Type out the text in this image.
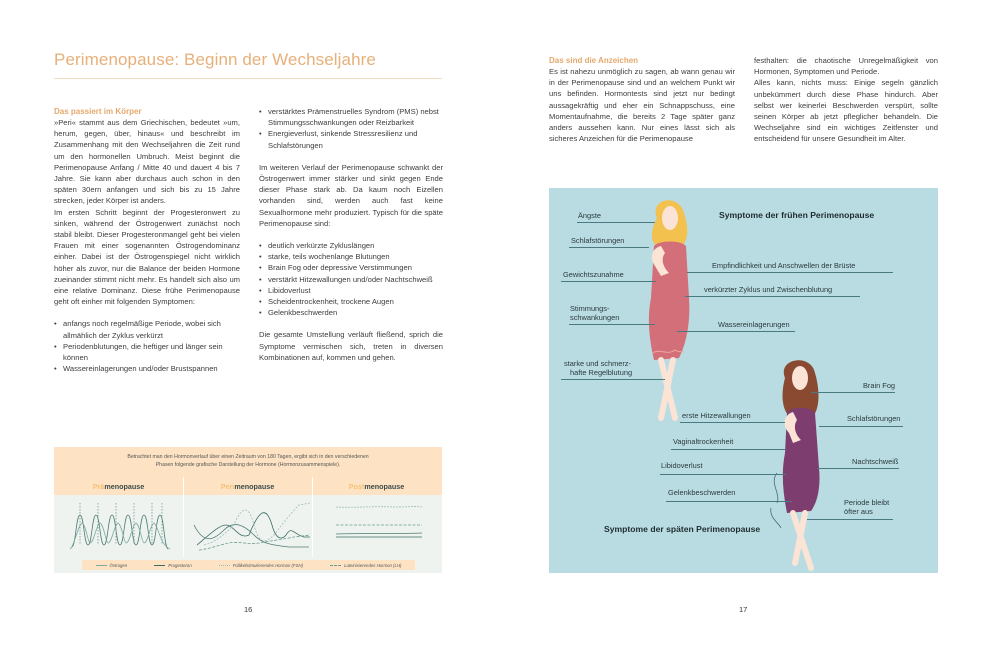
Perimenopause: Beginn der Wechseljahre
Das passiert im Körper

»Peri« stammt aus dem Griechischen, bedeutet »um, herum, gegen, über, hinaus« und beschreibt im Zusammenhang mit den Wechseljahren die Zeit rund um den hormonellen Umbruch. Meist beginnt die Perimenopause Anfang / Mitte 40 und dauert 4 bis 7 Jahre. Sie kann aber durchaus auch schon in den späten 30ern anfangen und sich bis zu 15 Jahre strecken, jeder Körper ist anders.

Im ersten Schritt beginnt der Progesteronwert zu sinken, während der Östrogenwert zunächst noch stabil bleibt. Dieser Progesteronmangel geht bei vielen Frauen mit einer sogenannten Östrogendominanz einher. Dabei ist der Östrogenspiegel nicht wirklich höher als zuvor, nur die Balance der beiden Hormone zueinander stimmt nicht mehr. Es handelt sich also um eine relative Dominanz. Diese frühe Perimenopause geht oft einher mit folgenden Symptomen:

• anfangs noch regelmäßige Periode, wobei sich allmählich der Zyklus verkürzt
• Periodenblutungen, die heftiger und länger sein können
• Wassereinlagerungen und/oder Brustspannen
• verstärktes Prämenstruelles Syndrom (PMS) nebst Stimmungsschwankungen oder Reizbarkeit
• Energieverlust, sinkende Stressresilienz und Schlafstörungen

Im weiteren Verlauf der Perimenopause schwankt der Östrogenwert immer stärker und sinkt gegen Ende dieser Phase stark ab. Da kaum noch Eizellen vorhanden sind, werden auch fast keine Sexualhormone mehr produziert. Typisch für die späte Perimenopause sind:

• deutlich verkürzte Zykluslängen
• starke, teils wochenlange Blutungen
• Brain Fog oder depressive Verstimmungen
• verstärkt Hitzewallungen und/oder Nachtschweiß
• Libidoverlust
• Scheidentrockenheit, trockene Augen
• Gelenkbeschwerden

Die gesamte Umstellung verläuft fließend, sprich die Symptome vermischen sich, treten in diversen Kombinationen auf, kommen und gehen.

Betrachtet man den Hormonverlauf über einen Zeitraum von 180 Tagen, ergibt sich in den verschiedenen
Phasen folgende grafische Darstellung der Hormone (Hormonzusammenspiele).
Prämenopause	Perimenopause	Postmenopause
Östrogen	Progesteron	Follikelstimulierendes Hormon (FSH)	Luteinisierendes Hormon (LH)
16
Das sind die Anzeichen

Es ist nahezu unmöglich zu sagen, ab wann genau wir in der Perimenopause sind und an welchem Punkt wir uns befinden. Hormontests sind jetzt nur bedingt aussagekräftig und eher ein Schnappschuss, eine Momentaufnahme, die bereits 2 Tage später ganz anders aussehen kann. Nur eines lässt sich als sicheres Anzeichen für die Perimenopause

festhalten: die chaotische Unregelmäßigkeit von Hormonen, Symptomen und Periode.

Alles kann, nichts muss: Einige segeln gänzlich unbekümmert durch diese Phase hindurch. Aber selbst wer keinerlei Beschwerden verspürt, sollte seinen Körper ab jetzt pfleglicher behandeln. Die Wechseljahre sind ein wichtiges Zeitfenster und entscheidend für unsere Gesundheit im Alter.

Symptome der frühen Perimenopause
Ängste
Schlafstörungen
Gewichtszunahme
Stimmungs-
schwankungen
starke und schmerz-
hafte Regelblutung
Empfindlichkeit und Anschwellen der Brüste
verkürzter Zyklus und Zwischenblutung
Wassereinlagerungen
Brain Fog
Schlafstörungen
Nachtschweiß
Periode bleibt
öfter aus
erste Hitzewallungen
Vaginaltrockenheit
Libidoverlust
Gelenkbeschwerden
Symptome der späten Perimenopause
17
